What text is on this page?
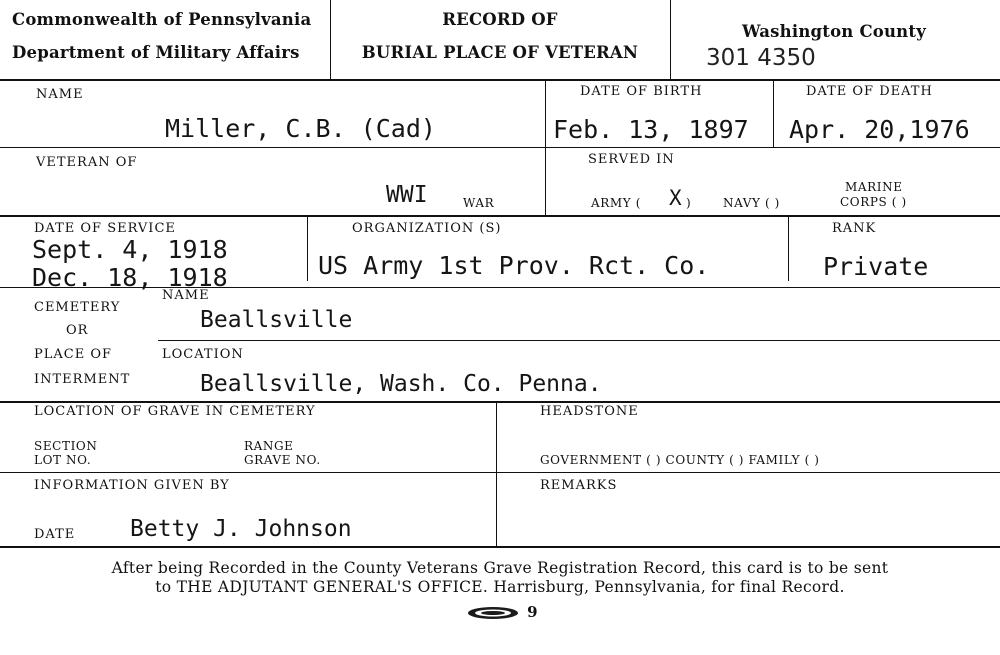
Commonwealth of Pennsylvania
Department of Military Affairs
RECORD OF
BURIAL PLACE OF VETERAN
Washington County
301 4350
NAME
Miller, C.B. (Cad)
DATE OF BIRTH
Feb. 13, 1897
DATE OF DEATH
Apr. 20,1976
VETERAN OF
WWI	WAR
SERVED IN
ARMY ( X )	NAVY ( )
MARINE
CORPS ( )
DATE OF SERVICE
Sept. 4, 1918
Dec. 18, 1918
ORGANIZATION (S)
US Army 1st Prov. Rct. Co.
RANK
Private
CEMETERY
OR
NAME
Beallsville
PLACE OF
INTERMENT
LOCATION
Beallsville, Wash. Co. Penna.
LOCATION OF GRAVE IN CEMETERY
SECTION
LOT NO.
RANGE
GRAVE NO.
HEADSTONE
GOVERNMENT ( ) COUNTY ( ) FAMILY ( )
INFORMATION GIVEN BY
DATE Betty J. Johnson
REMARKS
After being Recorded in the County Veterans Grave Registration Record, this card is to be sent
to THE ADJUTANT GENERAL'S OFFICE. Harrisburg, Pennsylvania, for final Record.
9
